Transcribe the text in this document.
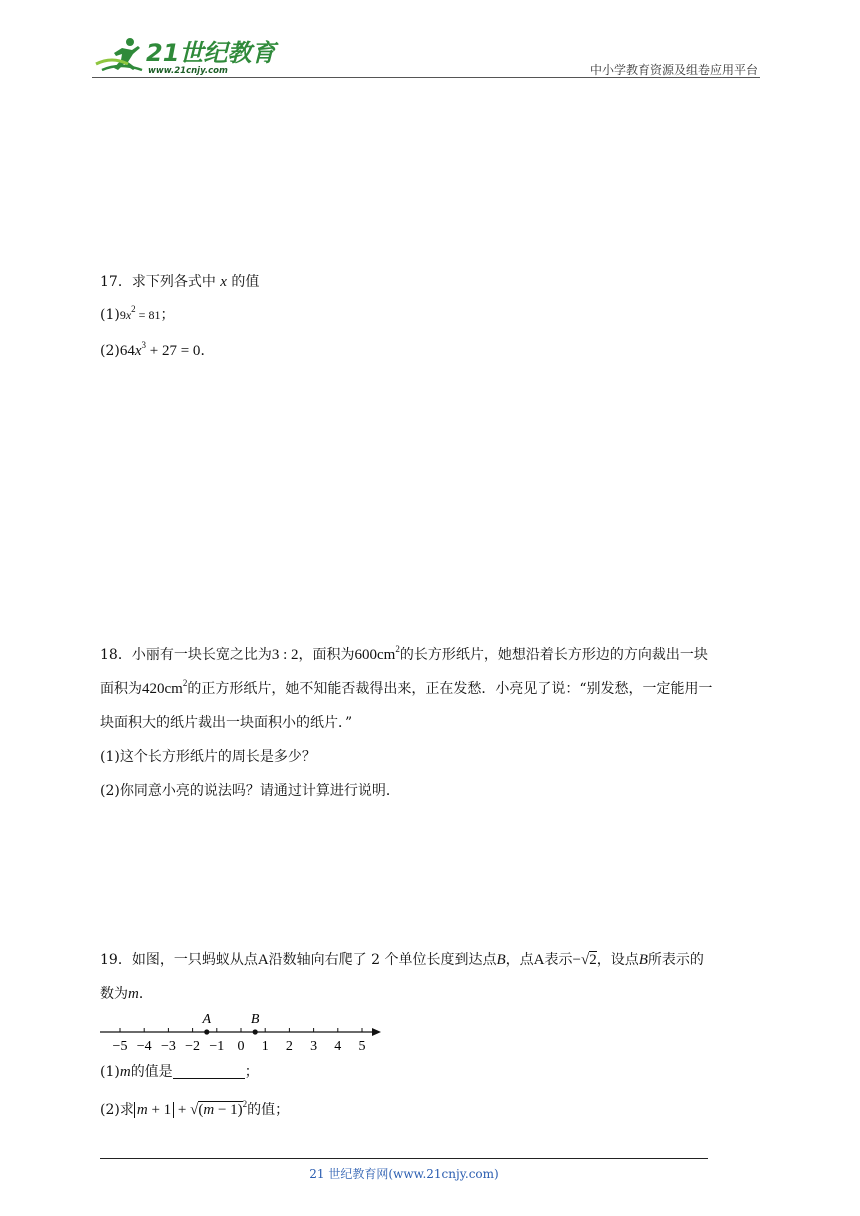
21世纪教育
www.21cnjy.com	中小学教育资源及组卷应用平台
17．求下列各式中 x 的值
$(1)9x^2 = 81$；
$(2)64x^3 + 27 = 0$．
18．小丽有一块长宽之比为3 : 2，面积为$600cm^2$的长方形纸片，她想沿着长方形边的方向裁出一块
面积为$420cm^2$的正方形纸片，她不知能否裁得出来，正在发愁．小亮见了说：“别发愁，一定能用一
块面积大的纸片裁出一块面积小的纸片．”
(1)这个长方形纸片的周长是多少？
(2)你同意小亮的说法吗？请通过计算进行说明．
19．如图，一只蚂蚁从点A沿数轴向右爬了 2 个单位长度到达点B，点A表示−√2，设点B所表示的
数为m．
−5 −4 −3 −2 −1 0 1 2 3 4 5
A	B
(1)m的值是	；
(2)求 $m + 1 + √(m - 1)^2$的值；
21 世纪教育网(www.21cnjy.com)
